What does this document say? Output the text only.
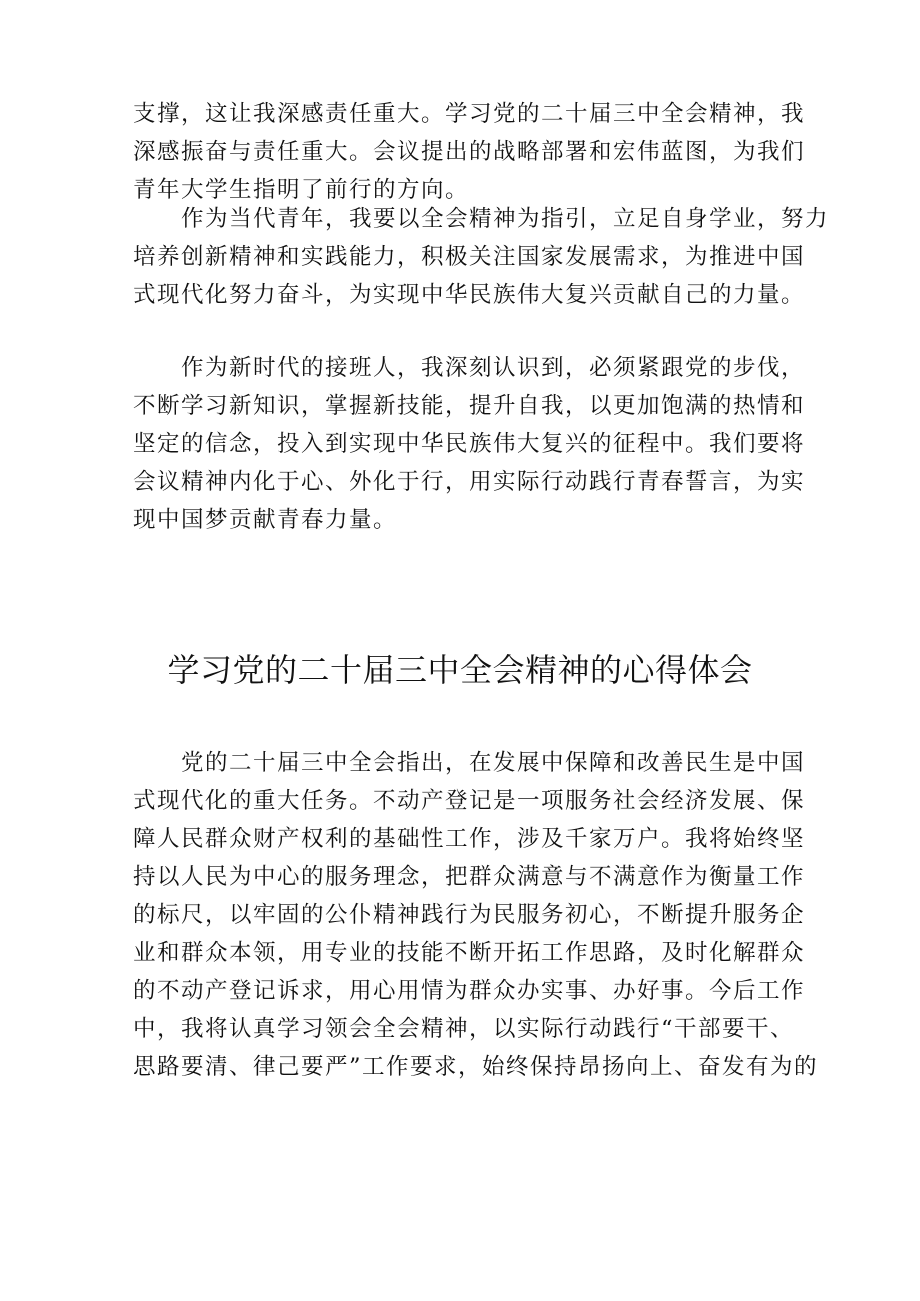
支撑，这让我深感责任重大。学习党的二十届三中全会精神，我
深感振奋与责任重大。会议提出的战略部署和宏伟蓝图，为我们
青年大学生指明了前行的方向。
　　作为当代青年，我要以全会精神为指引，立足自身学业，努力
培养创新精神和实践能力，积极关注国家发展需求，为推进中国
式现代化努力奋斗，为实现中华民族伟大复兴贡献自己的力量。
　　作为新时代的接班人，我深刻认识到，必须紧跟党的步伐，
不断学习新知识，掌握新技能，提升自我，以更加饱满的热情和
坚定的信念，投入到实现中华民族伟大复兴的征程中。我们要将
会议精神内化于心、外化于行，用实际行动践行青春誓言，为实
现中国梦贡献青春力量。
学习党的二十届三中全会精神的心得体会
　　党的二十届三中全会指出，在发展中保障和改善民生是中国
式现代化的重大任务。不动产登记是一项服务社会经济发展、保
障人民群众财产权利的基础性工作，涉及千家万户。我将始终坚
持以人民为中心的服务理念，把群众满意与不满意作为衡量工作
的标尺，以牢固的公仆精神践行为民服务初心，不断提升服务企
业和群众本领，用专业的技能不断开拓工作思路，及时化解群众
的不动产登记诉求，用心用情为群众办实事、办好事。今后工作
中，我将认真学习领会全会精神，以实际行动践行“干部要干、
思路要清、律己要严”工作要求，始终保持昂扬向上、奋发有为的
